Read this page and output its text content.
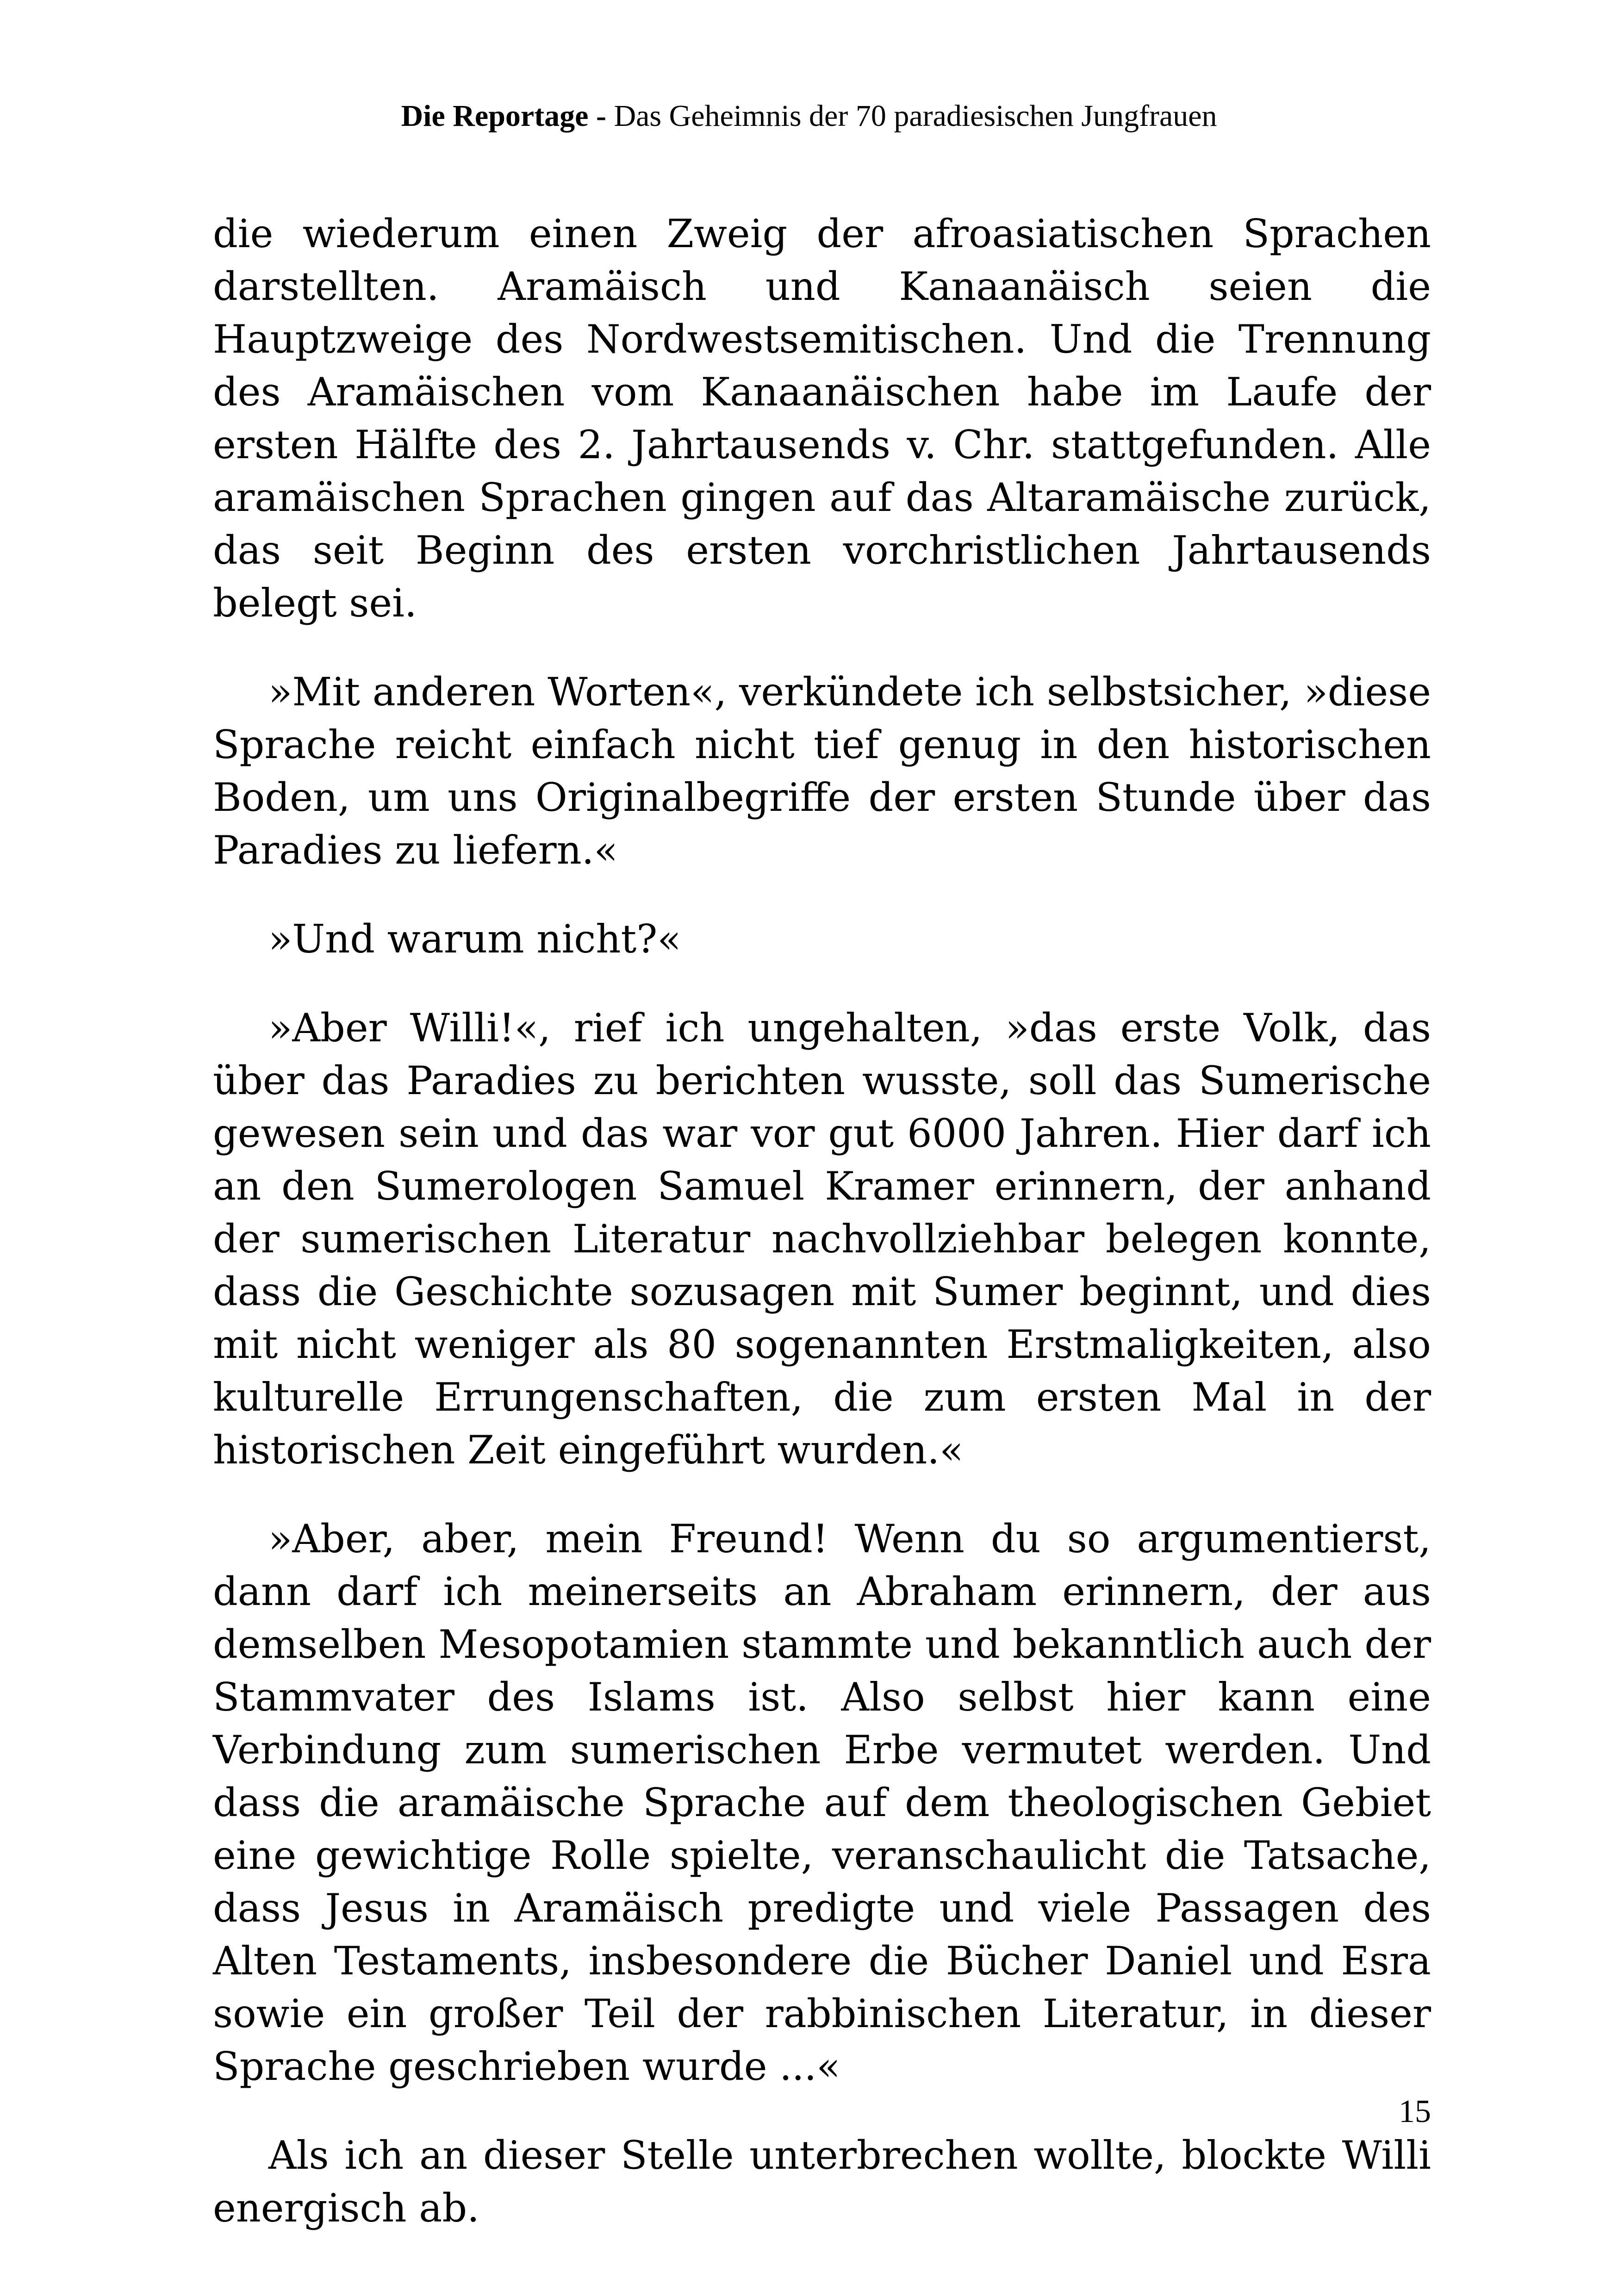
Die Reportage - Das Geheimnis der 70 paradiesischen Jungfrauen

die wiederum einen Zweig der afroasiatischen Sprachen darstellten. Aramäisch und Kanaanäisch seien die Hauptzweige des Nordwestsemitischen. Und die Trennung des Aramäischen vom Kanaanäischen habe im Laufe der ersten Hälfte des 2. Jahrtausends v. Chr. stattgefunden. Alle aramäischen Sprachen gingen auf das Altaramäische zurück, das seit Beginn des ersten vorchristlichen Jahrtausends belegt sei.

»Mit anderen Worten«, verkündete ich selbstsicher, »diese Sprache reicht einfach nicht tief genug in den historischen Boden, um uns Originalbegriffe der ersten Stunde über das Paradies zu liefern.«

»Und warum nicht?«

»Aber Willi!«, rief ich ungehalten, »das erste Volk, das über das Paradies zu berichten wusste, soll das Sumerische gewesen sein und das war vor gut 6000 Jahren. Hier darf ich an den Sumerologen Samuel Kramer erinnern, der anhand der sumerischen Literatur nachvollziehbar belegen konnte, dass die Geschichte sozusagen mit Sumer beginnt, und dies mit nicht weniger als 80 sogenannten Erstmaligkeiten, also kulturelle Errungenschaften, die zum ersten Mal in der historischen Zeit eingeführt wurden.«

»Aber, aber, mein Freund! Wenn du so argumentierst, dann darf ich meinerseits an Abraham erinnern, der aus demselben Mesopotamien stammte und bekanntlich auch der Stammvater des Islams ist. Also selbst hier kann eine Verbindung zum sumerischen Erbe vermutet werden. Und dass die aramäische Sprache auf dem theologischen Gebiet eine gewichtige Rolle spielte, veranschaulicht die Tatsache, dass Jesus in Aramäisch predigte und viele Passagen des Alten Testaments, insbesondere die Bücher Daniel und Esra sowie ein großer Teil der rabbinischen Literatur, in dieser Sprache geschrieben wurde ...«

Als ich an dieser Stelle unterbrechen wollte, blockte Willi energisch ab.

15
